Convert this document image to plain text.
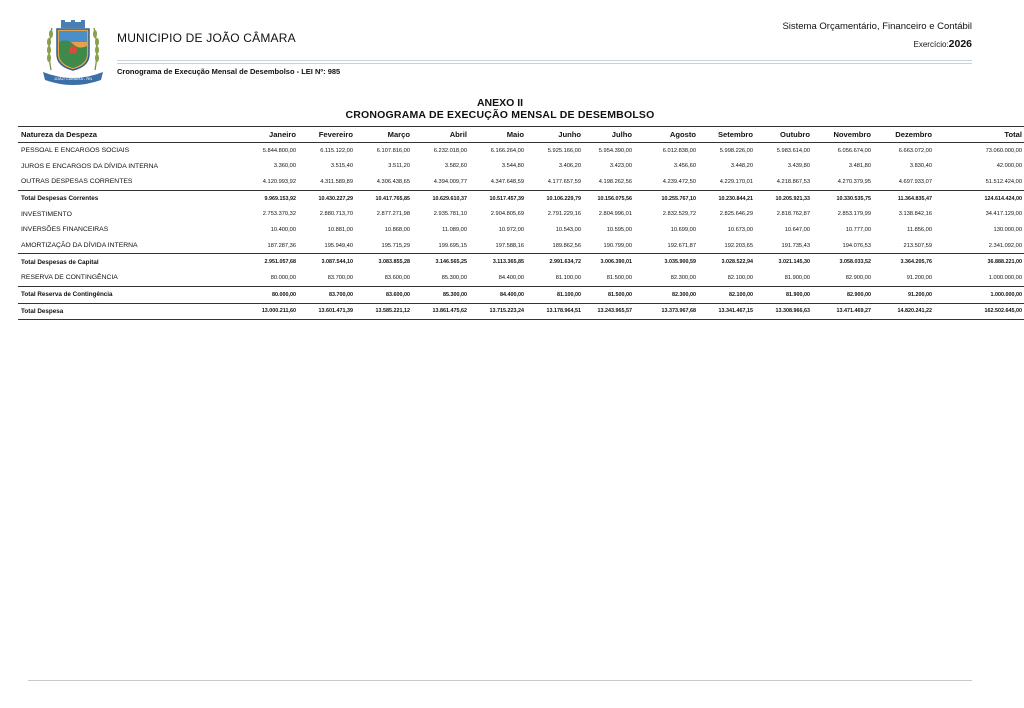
JOÃO CÂMARA - RN
MUNICIPIO DE JOÃO CÂMARA
Sistema Orçamentário, Financeiro e Contábil
Exercício:2026
Cronograma de Execução Mensal de Desembolso - LEI Nº: 985
ANEXO II
CRONOGRAMA DE EXECUÇÃO MENSAL DE DESEMBOLSO
Natureza da Despeza	Janeiro	Fevereiro	Março	Abril	Maio	Junho	Julho	Agosto	Setembro	Outubro	Novembro	Dezembro	Total
PESSOAL E ENCARGOS SOCIAIS	5.844.800,00	6.115.122,00	6.107.816,00	6.232.018,00	6.166.264,00	5.925.166,00	5.954.390,00	6.012.838,00	5.998.226,00	5.983.614,00	6.056.674,00	6.663.072,00	73.060.000,00
JUROS E ENCARGOS DA DÍVIDA INTERNA	3.360,00	3.515,40	3.511,20	3.582,60	3.544,80	3.406,20	3.423,00	3.456,60	3.448,20	3.439,80	3.481,80	3.830,40	42.000,00
OUTRAS DESPESAS CORRENTES	4.120.993,92	4.311.589,89	4.306.438,65	4.394.009,77	4.347.648,59	4.177.657,59	4.198.262,56	4.239.472,50	4.229.170,01	4.218.867,53	4.270.379,95	4.697.933,07	51.512.424,00
Total Despesas Correntes	9.969.153,92	10.430.227,29	10.417.765,85	10.629.610,37	10.517.457,39	10.106.229,79	10.156.075,56	10.255.767,10	10.230.844,21	10.205.921,33	10.330.535,75	11.364.835,47	124.614.424,00
INVESTIMENTO	2.753.370,32	2.880.713,70	2.877.271,98	2.935.781,10	2.904.805,69	2.791.229,16	2.804.996,01	2.832.529,72	2.825.646,29	2.818.762,87	2.853.179,99	3.138.842,16	34.417.129,00
INVERSÕES FINANCEIRAS	10.400,00	10.881,00	10.868,00	11.089,00	10.972,00	10.543,00	10.595,00	10.699,00	10.673,00	10.647,00	10.777,00	11.856,00	130.000,00
AMORTIZAÇÃO DA DÍVIDA INTERNA	187.287,36	195.949,40	195.715,29	199.695,15	197.588,16	189.862,56	190.799,00	192.671,87	192.203,65	191.735,43	194.076,53	213.507,59	2.341.092,00
Total Despesas de Capital	2.951.057,68	3.087.544,10	3.083.855,28	3.146.565,25	3.113.365,85	2.991.634,72	3.006.390,01	3.035.900,59	3.028.522,94	3.021.145,30	3.058.033,52	3.364.205,76	36.888.221,00
RESERVA DE CONTINGÊNCIA	80.000,00	83.700,00	83.600,00	85.300,00	84.400,00	81.100,00	81.500,00	82.300,00	82.100,00	81.900,00	82.900,00	91.200,00	1.000.000,00
Total Reserva de Contingência	80.000,00	83.700,00	83.600,00	85.300,00	84.400,00	81.100,00	81.500,00	82.300,00	82.100,00	81.900,00	82.900,00	91.200,00	1.000.000,00
Total Despesa	13.000.211,60	13.601.471,39	13.585.221,12	13.861.475,62	13.715.223,24	13.178.964,51	13.243.965,57	13.373.967,68	13.341.467,15	13.308.966,63	13.471.469,27	14.820.241,22	162.502.645,00
